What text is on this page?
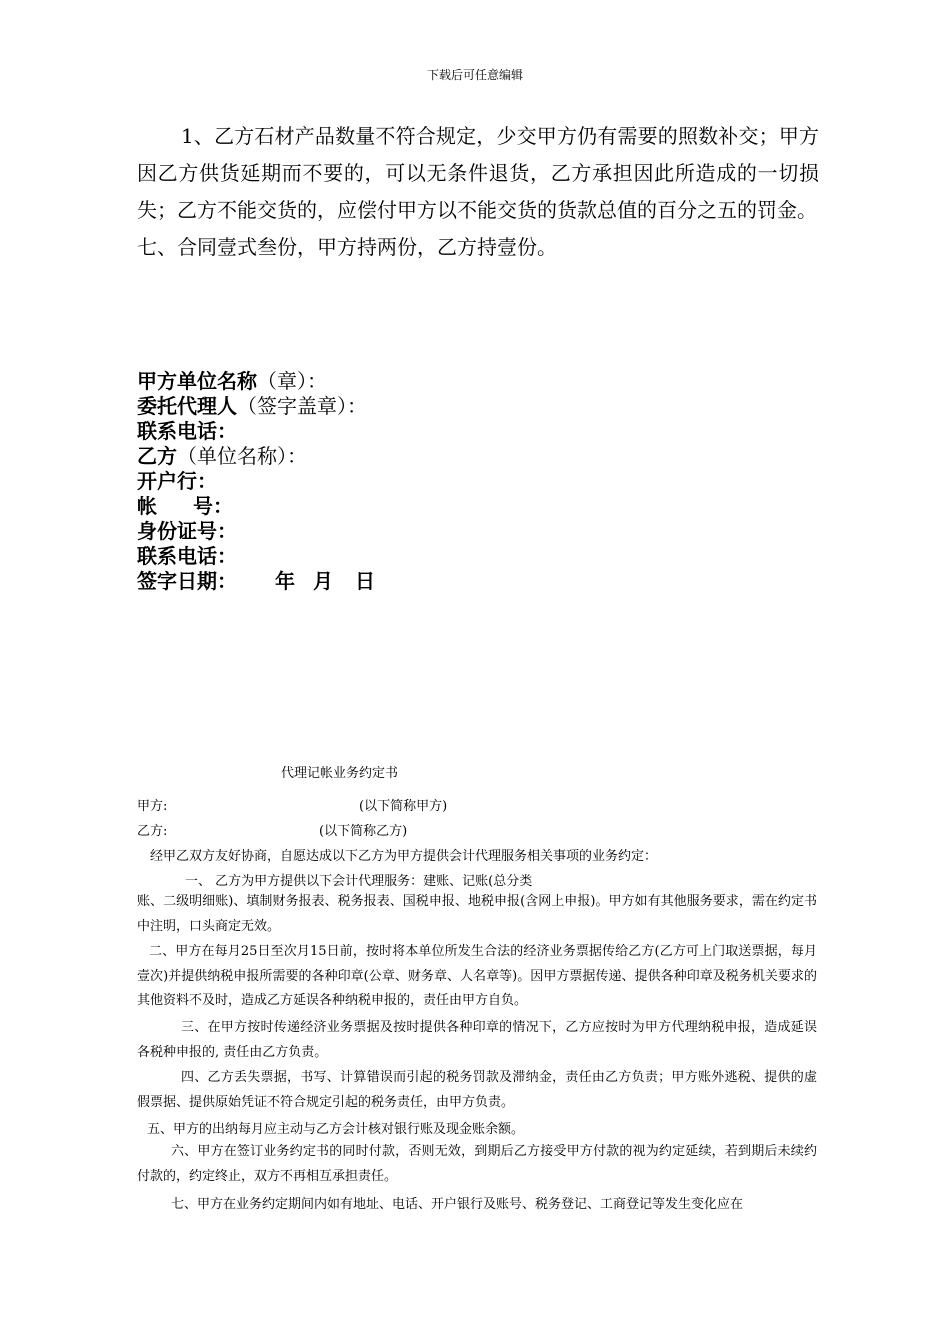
下载后可任意编辑

1、乙方石材产品数量不符合规定，少交甲方仍有需要的照数补交；甲方因乙方供货延期而不要的，可以无条件退货，乙方承担因此所造成的一切损失；乙方不能交货的，应偿付甲方以不能交货的货款总值的百分之五的罚金。

七、合同壹式叁份，甲方持两份，乙方持壹份。

甲方单位名称（章）：
委托代理人（签字盖章）：
联系电话：
乙方（单位名称）：
开户行：
帐 号：
身份证号：
联系电话：
签字日期： 年 月 日
代理记帐业务约定书
甲方:	(以下简称甲方)
乙方:	(以下简称乙方)
经甲乙双方友好协商，自愿达成以下乙方为甲方提供会计代理服务相关事项的业务约定：
一、 乙方为甲方提供以下会计代理服务：建账、记账(总分类

账、二级明细账)、填制财务报表、税务报表、国税申报、地税申报(含网上申报)。甲方如有其他服务要求，需在约定书中注明，口头商定无效。

二、甲方在每月25日至次月15日前，按时将本单位所发生合法的经济业务票据传给乙方(乙方可上门取送票据，每月壹次)并提供纳税申报所需要的各种印章(公章、财务章、人名章等)。因甲方票据传递、提供各种印章及税务机关要求的其他资料不及时，造成乙方延误各种纳税申报的，责任由甲方自负。

三、在甲方按时传递经济业务票据及按时提供各种印章的情况下，乙方应按时为甲方代理纳税申报，造成延误各税种申报的, 责任由乙方负责。

四、乙方丢失票据，书写、计算错误而引起的税务罚款及滞纳金，责任由乙方负责；甲方账外逃税、提供的虚假票据、提供原始凭证不符合规定引起的税务责任，由甲方负责。

五、甲方的出纳每月应主动与乙方会计核对银行账及现金账余额。

六、甲方在签订业务约定书的同时付款，否则无效，到期后乙方接受甲方付款的视为约定延续，若到期后未续约付款的，约定终止，双方不再相互承担责任。

七、甲方在业务约定期间内如有地址、电话、开户银行及账号、税务登记、工商登记等发生变化应在
